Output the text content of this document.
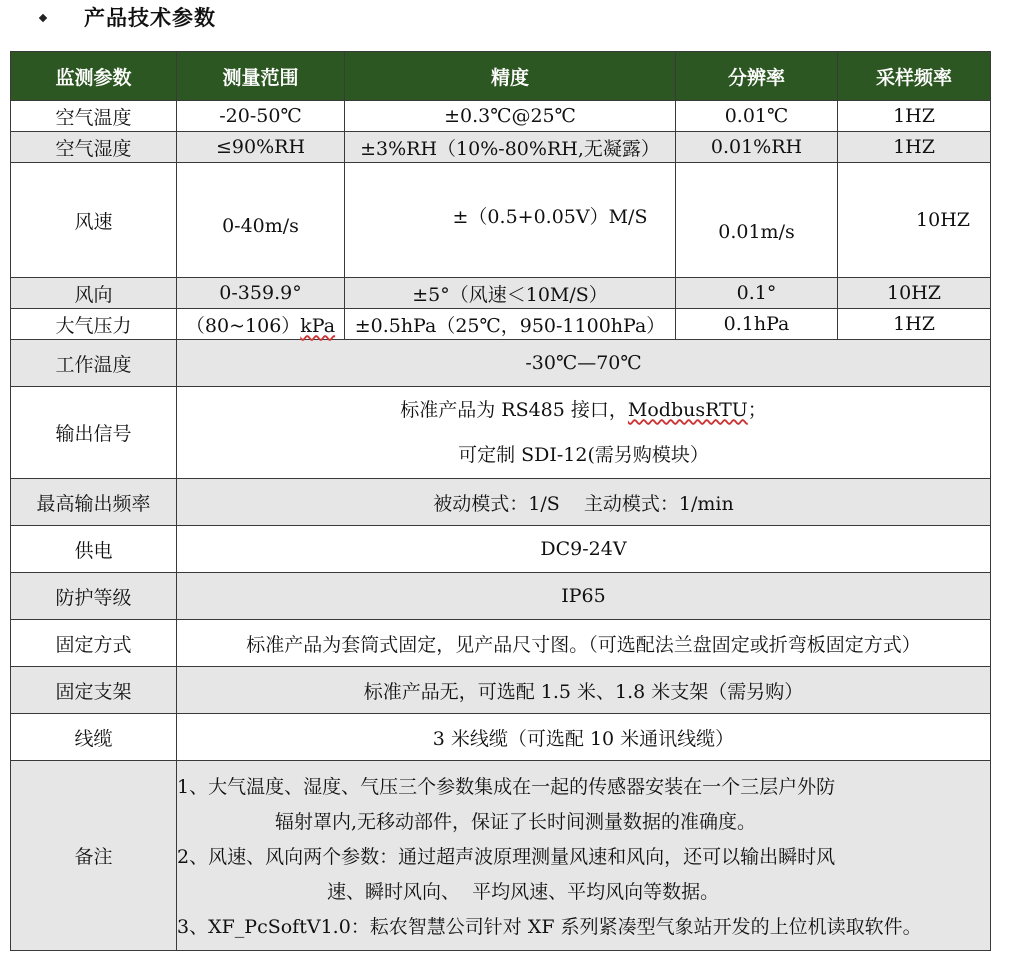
产品技术参数
监测参数	测量范围	精度	分辨率	采样频率
空气温度	-20-50℃	±0.3℃@25℃	0.01℃	1HZ
空气湿度	≤90%RH	±3%RH（10%-80%RH,无凝露）	0.01%RH	1HZ
风速	0-40m/s	±（0.5+0.05V）M/S	0.01m/s	10HZ
风向	0-359.9°	±5°（风速＜10M/S）	0.1°	10HZ
大气压力	（80~106）kPa	±0.5hPa（25℃，950-1100hPa）	0.1hPa	1HZ
工作温度	-30℃—70℃			
输出信号	标准产品为 RS485 接口，ModbusRTU；
可定制 SDI-12(需另购模块）			

最高输出频率	被动模式：1/S    主动模式：1/min			
供电	DC9-24V			
防护等级	IP65			
固定方式	标准产品为套筒式固定，见产品尺寸图。（可选配法兰盘固定或折弯板固定方式）			
固定支架	标准产品无，可选配 1.5 米、1.8 米支架（需另购）			
线缆	3 米线缆（可选配 10 米通讯线缆）			
备注	1、大气温度、湿度、气压三个参数集成在一起的传感器安装在一个三层户外防
辐射罩内,无移动部件，保证了长时间测量数据的准确度。
2、风速、风向两个参数：通过超声波原理测量风速和风向，还可以输出瞬时风
速、瞬时风向、  平均风速、平均风向等数据。
3、XF_PcSoftV1.0：耘农智慧公司针对 XF 系列紧凑型气象站开发的上位机读取软件。			
